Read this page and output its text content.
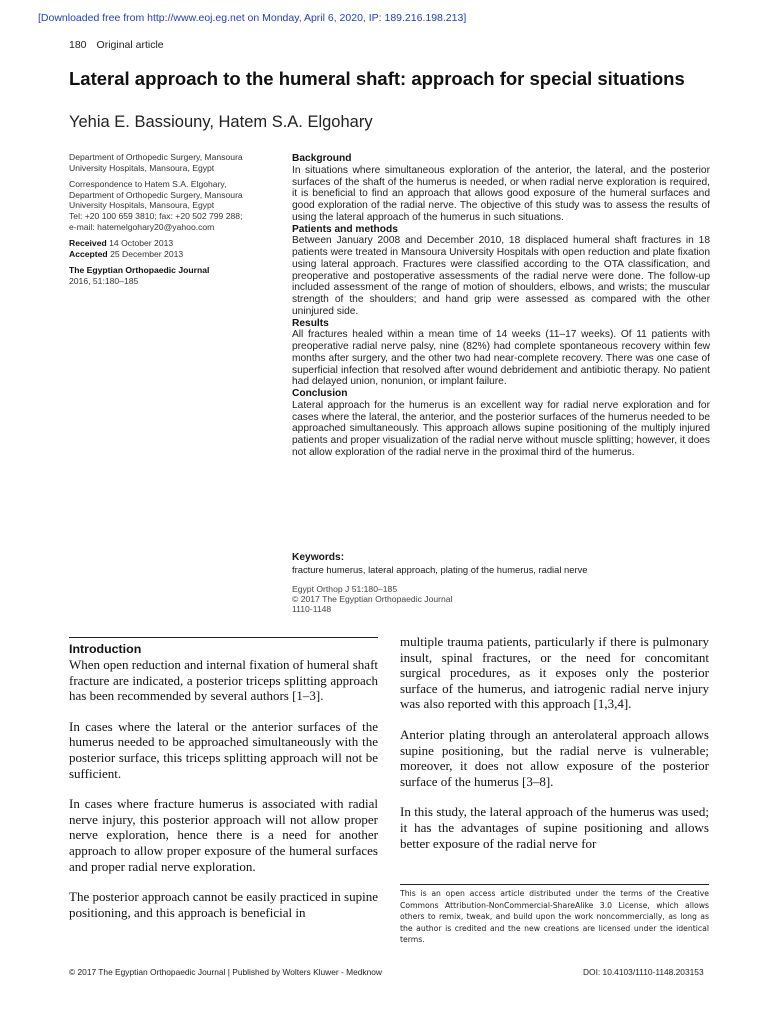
[Downloaded free from http://www.eoj.eg.net on Monday, April 6, 2020, IP: 189.216.198.213]
180 Original article
Lateral approach to the humeral shaft: approach for special situations
Yehia E. Bassiouny, Hatem S.A. Elgohary

Department of Orthopedic Surgery, Mansoura University Hospitals, Mansoura, Egypt

Correspondence to Hatem S.A. Elgohary, Department of Orthopedic Surgery, Mansoura University Hospitals, Mansoura, Egypt
Tel: +20 100 659 3810; fax: +20 502 799 288;
e-mail: hatemelgohary20@yahoo.com

Received 14 October 2013
Accepted 25 December 2013

The Egyptian Orthopaedic Journal
2016, 51:180–185

Background

In situations where simultaneous exploration of the anterior, the lateral, and the posterior surfaces of the shaft of the humerus is needed, or when radial nerve exploration is required, it is beneficial to find an approach that allows good exposure of the humeral surfaces and good exploration of the radial nerve. The objective of this study was to assess the results of using the lateral approach of the humerus in such situations.

Patients and methods

Between January 2008 and December 2010, 18 displaced humeral shaft fractures in 18 patients were treated in Mansoura University Hospitals with open reduction and plate fixation using lateral approach. Fractures were classified according to the OTA classification, and preoperative and postoperative assessments of the radial nerve were done. The follow-up included assessment of the range of motion of shoulders, elbows, and wrists; the muscular strength of the shoulders; and hand grip were assessed as compared with the other uninjured side.

Results

All fractures healed within a mean time of 14 weeks (11–17 weeks). Of 11 patients with preoperative radial nerve palsy, nine (82%) had complete spontaneous recovery within few months after surgery, and the other two had near-complete recovery. There was one case of superficial infection that resolved after wound debridement and antibiotic therapy. No patient had delayed union, nonunion, or implant failure.

Conclusion

Lateral approach for the humerus is an excellent way for radial nerve exploration and for cases where the lateral, the anterior, and the posterior surfaces of the humerus needed to be approached simultaneously. This approach allows supine positioning of the multiply injured patients and proper visualization of the radial nerve without muscle splitting; however, it does not allow exploration of the radial nerve in the proximal third of the humerus.

Keywords:

fracture humerus, lateral approach, plating of the humerus, radial nerve

Egypt Orthop J 51:180–185
© 2017 The Egyptian Orthopaedic Journal
1110-1148
Introduction

When open reduction and internal fixation of humeral shaft fracture are indicated, a posterior triceps splitting approach has been recommended by several authors [1–3].

In cases where the lateral or the anterior surfaces of the humerus needed to be approached simultaneously with the posterior surface, this triceps splitting approach will not be sufficient.

In cases where fracture humerus is associated with radial nerve injury, this posterior approach will not allow proper nerve exploration, hence there is a need for another approach to allow proper exposure of the humeral surfaces and proper radial nerve exploration.

The posterior approach cannot be easily practiced in supine positioning, and this approach is beneficial in

multiple trauma patients, particularly if there is pulmonary insult, spinal fractures, or the need for concomitant surgical procedures, as it exposes only the posterior surface of the humerus, and iatrogenic radial nerve injury was also reported with this approach [1,3,4].

Anterior plating through an anterolateral approach allows supine positioning, but the radial nerve is vulnerable; moreover, it does not allow exposure of the posterior surface of the humerus [3–8].

In this study, the lateral approach of the humerus was used; it has the advantages of supine positioning and allows better exposure of the radial nerve for

This is an open access article distributed under the terms of the Creative Commons Attribution-NonCommercial-ShareAlike 3.0 License, which allows others to remix, tweak, and build upon the work noncommercially, as long as the author is credited and the new creations are licensed under the identical terms.
© 2017 The Egyptian Orthopaedic Journal | Published by Wolters Kluwer - Medknow	DOI: 10.4103/1110-1148.203153
